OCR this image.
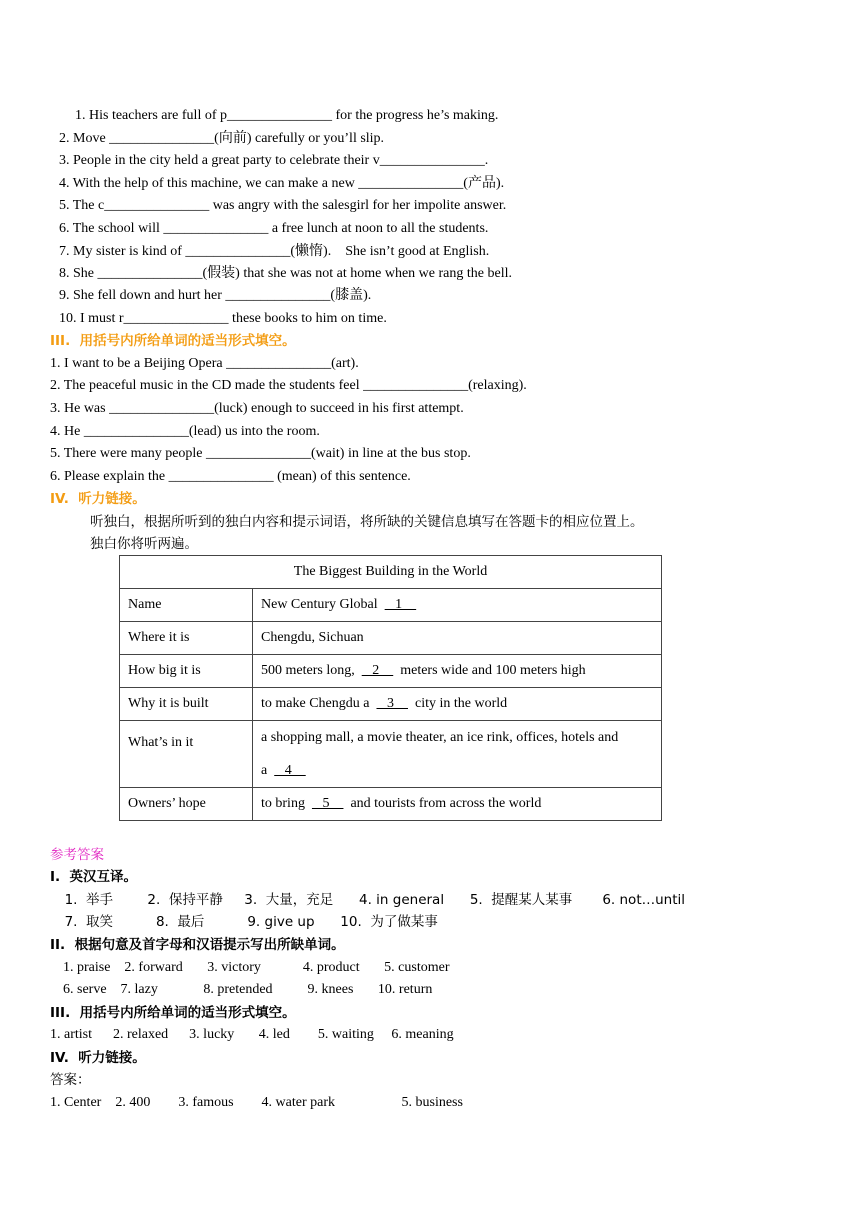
1. His teachers are full of p_______________ for the progress he’s making.
2. Move _______________(向前) carefully or you’ll slip.
3. People in the city held a great party to celebrate their v_______________.
4. With the help of this machine, we can make a new _______________(产品).
5. The c_______________ was angry with the salesgirl for her impolite answer.
6. The school will _______________ a free lunch at noon to all the students.
7. My sister is kind of _______________(懒惰).    She isn’t good at English.
8. She _______________(假装) that she was not at home when we rang the bell.
9. She fell down and hurt her _______________(膝盖).
10. I must r_______________ these books to him on time.
III.  用括号内所给单词的适当形式填空。
1. I want to be a Beijing Opera _______________(art).
2. The peaceful music in the CD made the students feel _______________(relaxing).
3. He was _______________(luck) enough to succeed in his first attempt.
4. He _______________(lead) us into the room.
5. There were many people _______________(wait) in line at the bus stop.
6. Please explain the _______________ (mean) of this sentence.
IV.  听力链接。
听独白，根据所听到的独白内容和提示词语，将所缺的关键信息填写在答题卡的相应位置上。
独白你将听两遍。
The Biggest Building in the World	
Name	New Century Global     1
Where it is	Chengdu, Sichuan
How big it is	500 meters long,     2      meters wide and 100 meters high
Why it is built	to make Chengdu a     3      city in the world
What’s in it	a shopping mall, a movie theater, an ice rink, offices, hotels and
a     4

Owners’ hope	to bring     5      and tourists from across the world
参考答案
I.  英汉互译。
1.  举手        2.  保持平静     3.  大量，充足      4. in general      5.  提醒某人某事       6. not…until
7.  取笑          8.  最后          9. give up      10.  为了做某事
II.  根据句意及首字母和汉语提示写出所缺单词。
1. praise    2. forward       3. victory            4. product       5. customer
6. serve    7. lazy             8. pretended          9. knees       10. return
III.  用括号内所给单词的适当形式填空。
1. artist      2. relaxed      3. lucky       4. led        5. waiting     6. meaning
IV.  听力链接。
答案：
1. Center    2. 400        3. famous        4. water park                   5. business
